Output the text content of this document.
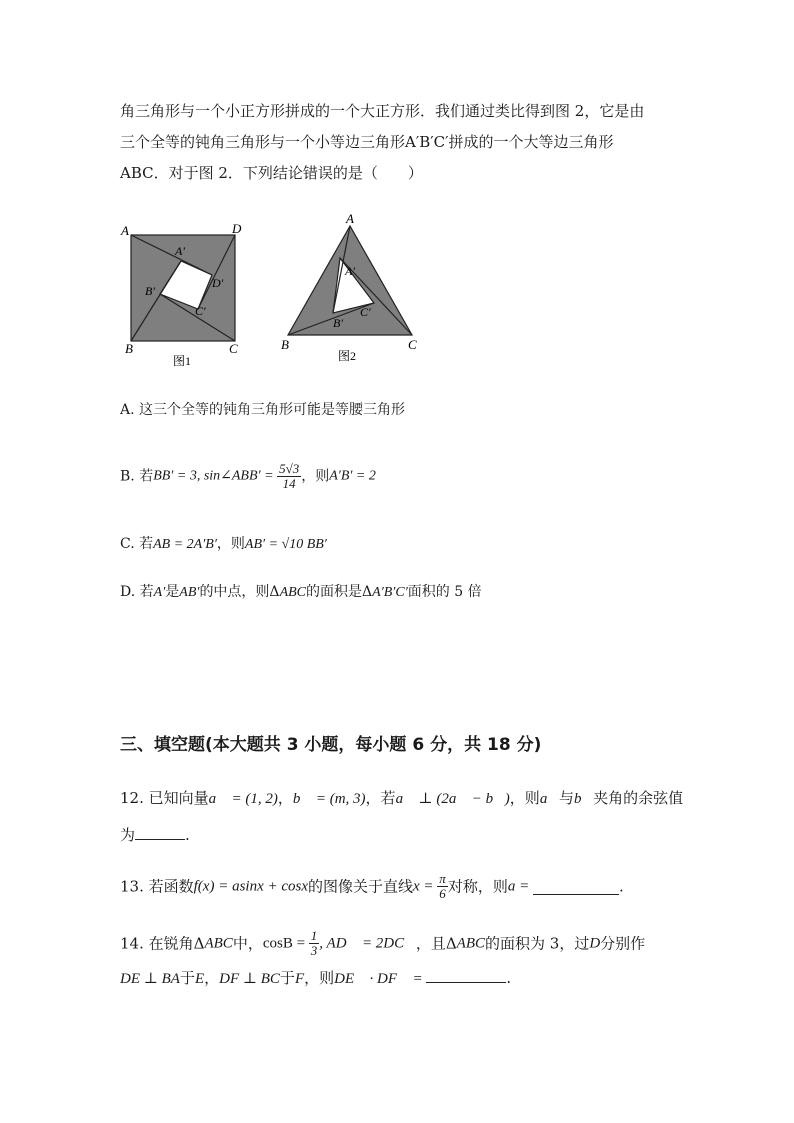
角三角形与一个小正方形拼成的一个大正方形．我们通过类比得到图 2，它是由
三个全等的钝角三角形与一个小等边三角形A′B′C′拼成的一个大等边三角形
ABC．对于图 2．下列结论错误的是（　　）
A	D
B	C
A′
D′
B′
C′
图1
A
B	C
A′
B′
C′
图2
A. 这三个全等的钝角三角形可能是等腰三角形
B. 若BB′ = 3, sin∠ABB′ = $\frac{5√3}{14}$ ，则A′B′ = 2
C. 若AB = 2A′B′，则AB′ = √10 BB′
D. 若A′是AB′的中点，则ΔABC的面积是ΔA′B′C′面积的 5 倍
三、填空题(本大题共 3 小题，每小题 6 分，共 18 分)
12. 已知向量a⃗ = (1, 2)，b⃗ = (m, 3)，若a⃗ ⊥ (2a⃗ − b⃗)，则a⃗与b⃗夹角的余弦值
为	.
13. 若函数f(x) = asinx + cosx的图像关于直线$x = \frac{\pi}{6}$ 对称，则a =	.
14. 在锐角ΔABC中，$\cos B = \frac{1}{3}$ , AD⃗ = 2DC⃗，且ΔABC的面积为 3，过D分别作
DE ⊥ BA于E，DF ⊥ BC于F，则DE⃗ · DF⃗ =	.
